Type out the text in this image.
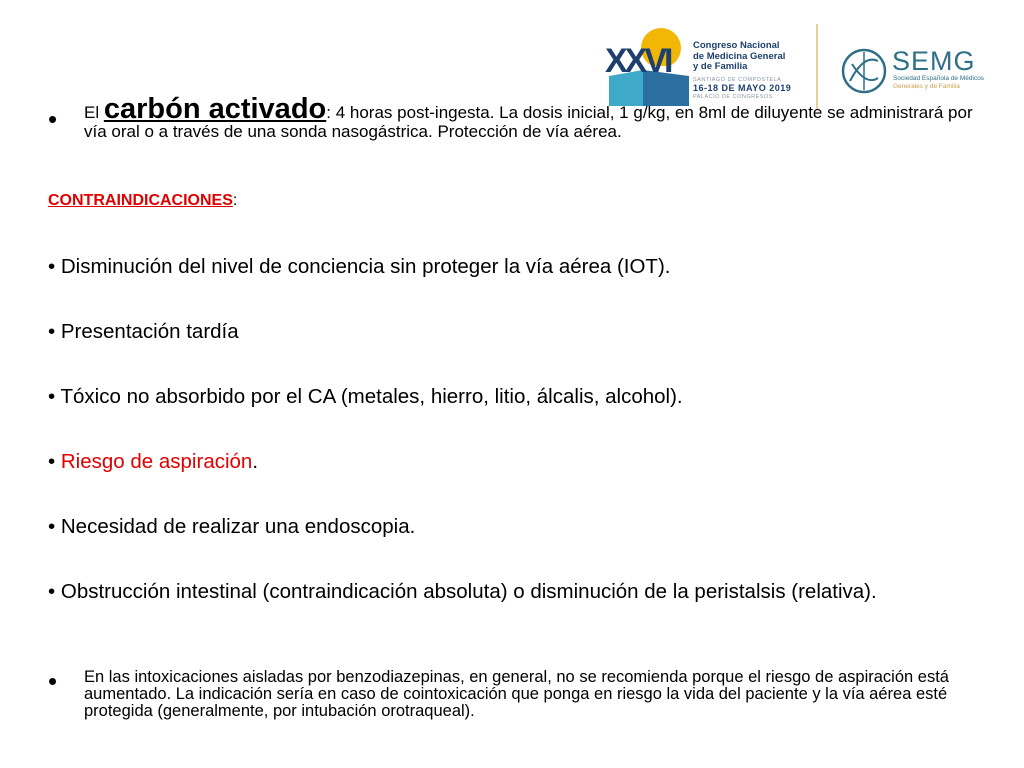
XXVI Congreso Nacional
de Medicina General
y de Familia
SANTIAGO DE COMPOSTELA
16-18 DE MAYO 2019
PALACIO DE CONGRESOS
SEMG
Sociedad Española de Médicos
Generales y de Familia
• El carbón activado: 4 horas post-ingesta. La dosis inicial, 1 g/kg, en 8ml de diluyente se administrará por vía oral o a través de una sonda nasogástrica. Protección de vía aérea.
CONTRAINDICACIONES:
• Disminución del nivel de conciencia sin proteger la vía aérea (IOT).
• Presentación tardía
• Tóxico no absorbido por el CA (metales, hierro, litio, álcalis, alcohol).
• Riesgo de aspiración.
• Necesidad de realizar una endoscopia.
• Obstrucción intestinal (contraindicación absoluta) o disminución de la peristalsis (relativa).
• En las intoxicaciones aisladas por benzodiazepinas, en general, no se recomienda porque el riesgo de aspiración está aumentado. La indicación sería en caso de cointoxicación que ponga en riesgo la vida del paciente y la vía aérea esté protegida (generalmente, por intubación orotraqueal).
